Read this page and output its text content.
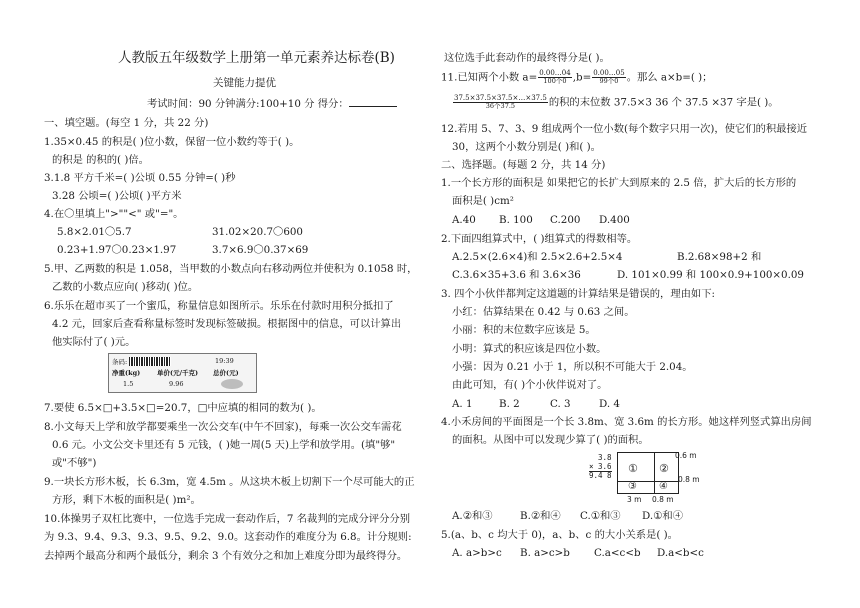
人教版五年级数学上册第一单元素养达标卷(B)
关键能力提优
考试时间：90 分钟满分:100+10 分 得分：
一、填空题。(每空 1 分，共 22 分)
1.35×0.45 的积是( )位小数，保留一位小数约等于( )。
的积是 的积的( )倍。
3.1.8 平方千米=( )公顷 0.55 分钟=( )秒
3.28 公顷=( )公顷( )平方米
4.在〇里填上">""<" 或"="。
5.8×2.01〇5.7	31.02×20.7〇600
0.23+1.97〇0.23×1.97	3.7×6.9〇0.37×69
5.甲、乙两数的积是 1.058，当甲数的小数点向右移动两位并使积为 0.1058 时，
乙数的小数点应向( )移动( )位。
6.乐乐在超市买了一个蜜瓜，称量信息如图所示。乐乐在付款时用积分抵扣了
4.2 元，回家后查看称量标签时发现标签破损。根据图中的信息，可以计算出
他实际付了( )元。
条码:	19:39
净重(kg)	单价(元/千克) 总价(元)
1.5	9.96
7.要使 6.5×□+3.5×□=20.7，□中应填的相同的数为( )。
8.小文每天上学和放学都要乘坐一次公交车(中午不回家)，每乘一次公交车需花
0.6 元。小文公交卡里还有 5 元钱，( )她一周(5 天)上学和放学用。(填"够"
或"不够")
9.一块长方形木板，长 6.3m，宽 4.5m 。从这块木板上切割下一个尽可能大的正
方形，剩下木板的面积是( )m²。
10.体操男子双杠比赛中，一位选手完成一套动作后，7 名裁判的完成分评分分别
为 9.3、9.4、9.3、9.3、9.5、9.2、9.0。这套动作的难度分为 6.8。计分规则:
去掉两个最高分和两个最低分，剩余 3 个有效分之和加上难度分即为最终得分。
这位选手此套动作的最终得分是( )。
11.已知两个小数 $a= \frac{0.00\dots 04}{\text{100个0}} ,b= \frac{0.00\dots 05}{\text{99个0}}$ 。那么 a×b=( )；
$\frac{37.5\times 37.5\times 37.5\times\dots\times 37.5}{\text{36个37.5}}$ 的积的末位数 37.5×3 36 个 37.5 ×37 字是( )。
12.若用 5、7、3、9 组成两个一位小数(每个数字只用一次)，使它们的积最接近
30，这两个小数分别是( )和( )。
二、选择题。(每题 2 分，共 14 分)
1.一个长方形的面积是 如果把它的长扩大到原来的 2.5 倍，扩大后的长方形的
面积是( )cm²
A.40 B. 100 C.200 D.400
2.下面四组算式中，( )组算式的得数相等。
A.2.5×(2.6×4)和 2.5×2.6+2.5×4	B.2.68×98+2 和
C.3.6×35+3.6 和 3.6×36	D. 101×0.99 和 100×0.9+100×0.09
3. 四个小伙伴都判定这道题的计算结果是错误的，理由如下:
小红：估算结果在 0.42 与 0.63 之间。
小丽：积的末位数字应该是 5。
小明：算式的积应该是四位小数。
小强：因为 0.21 小于 1，所以积不可能大于 2.04。
由此可知，有( )个小伙伴说对了。
A. 1	B. 2	C. 3	D. 4
4.小禾房间的平面图是一个长 3.8m、宽 3.6m 的长方形。她这样列竖式算出房间
的面积。从图中可以发现少算了( )的面积。
A.②和③	B.②和④ C.①和③ D.①和④
5.(a、b、c 均大于 0)，a、b、c 的大小关系是( )。
A. a>b>c B. a>c>b C.a<c<b D.a<b<c
3.8
× 3.6
9.4 8
① ②
③ ④
0.6 m
0.8 m
3 m 0.8 m
